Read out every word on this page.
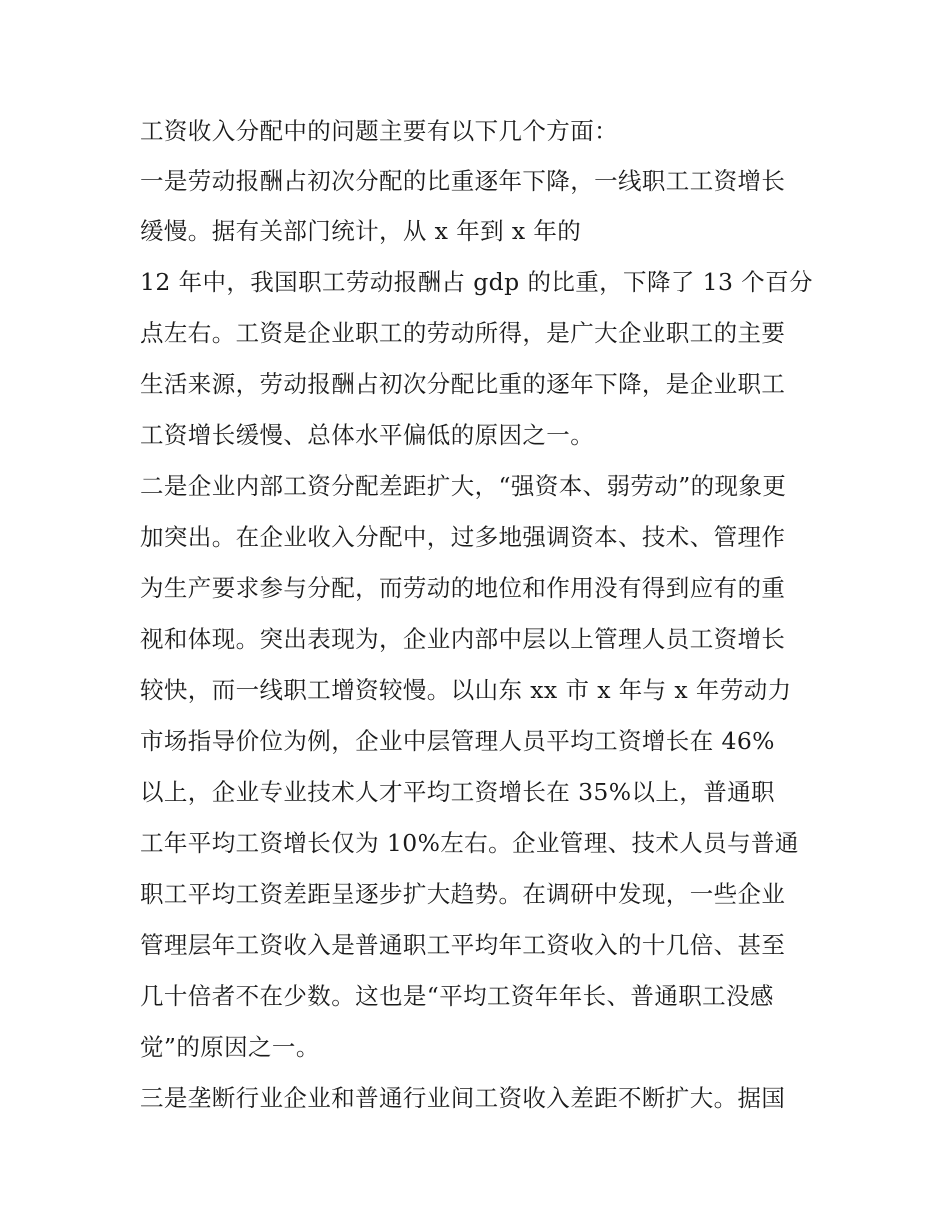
工资收入分配中的问题主要有以下几个方面：
一是劳动报酬占初次分配的比重逐年下降，一线职工工资增长
缓慢。据有关部门统计，从 x 年到 x 年的
12 年中，我国职工劳动报酬占 gdp 的比重，下降了 13 个百分
点左右。工资是企业职工的劳动所得，是广大企业职工的主要
生活来源，劳动报酬占初次分配比重的逐年下降，是企业职工
工资增长缓慢、总体水平偏低的原因之一。
二是企业内部工资分配差距扩大，“强资本、弱劳动”的现象更
加突出。在企业收入分配中，过多地强调资本、技术、管理作
为生产要求参与分配，而劳动的地位和作用没有得到应有的重
视和体现。突出表现为，企业内部中层以上管理人员工资增长
较快，而一线职工增资较慢。以山东 xx 市 x 年与 x 年劳动力
市场指导价位为例，企业中层管理人员平均工资增长在 46%
以上，企业专业技术人才平均工资增长在 35%以上，普通职
工年平均工资增长仅为 10%左右。企业管理、技术人员与普通
职工平均工资差距呈逐步扩大趋势。在调研中发现，一些企业
管理层年工资收入是普通职工平均年工资收入的十几倍、甚至
几十倍者不在少数。这也是“平均工资年年长、普通职工没感
觉”的原因之一。
三是垄断行业企业和普通行业间工资收入差距不断扩大。据国
